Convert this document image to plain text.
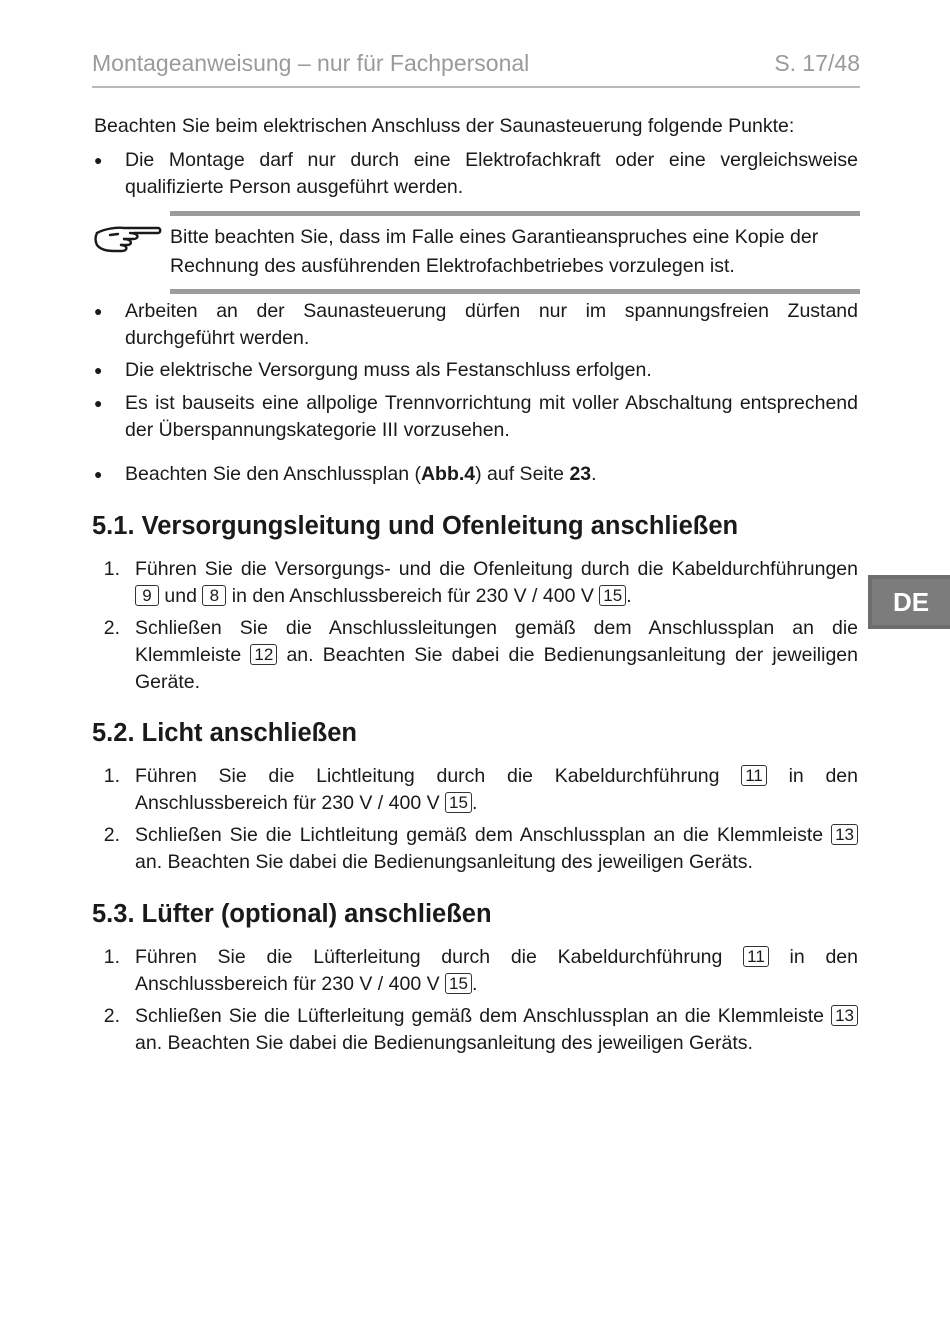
Montageanweisung – nur für Fachpersonal	S. 17/48
Beachten Sie beim elektrischen Anschluss der Saunasteuerung folgende Punkte:
● Die Montage darf nur durch eine Elektrofachkraft oder eine vergleichsweise qualifizierte Person ausgeführt werden.
Bitte beachten Sie, dass im Falle eines Garantieanspruches eine Kopie der Rechnung des ausführenden Elektrofachbetriebes vorzulegen ist.
● Arbeiten an der Saunasteuerung dürfen nur im spannungsfreien Zustand durchgeführt werden.
● Die elektrische Versorgung muss als Festanschluss erfolgen.
● Es ist bauseits eine allpolige Trennvorrichtung mit voller Abschaltung entsprechend der Überspannungskategorie III vorzusehen.
● Beachten Sie den Anschlussplan (Abb.4) auf Seite 23.
5.1. Versorgungsleitung und Ofenleitung anschließen
1. Führen Sie die Versorgungs- und die Ofenleitung durch die Kabeldurchführungen 9 und 8 in den Anschlussbereich für 230 V / 400 V 15 .
2. Schließen Sie die Anschlussleitungen gemäß dem Anschlussplan an die Klemmleiste 12 an. Beachten Sie dabei die Bedienungsanleitung der jeweiligen Geräte.
5.2. Licht anschließen
1. Führen Sie die Lichtleitung durch die Kabeldurchführung 11 in den Anschlussbereich für 230 V / 400 V 15 .
2. Schließen Sie die Lichtleitung gemäß dem Anschlussplan an die Klemmleiste 13 an. Beachten Sie dabei die Bedienungsanleitung des jeweiligen Geräts.
5.3. Lüfter (optional) anschließen
1. Führen Sie die Lüfterleitung durch die Kabeldurchführung 11 in den Anschlussbereich für 230 V / 400 V 15 .
2. Schließen Sie die Lüfterleitung gemäß dem Anschlussplan an die Klemmleiste 13 an. Beachten Sie dabei die Bedienungsanleitung des jeweiligen Geräts.
DE
